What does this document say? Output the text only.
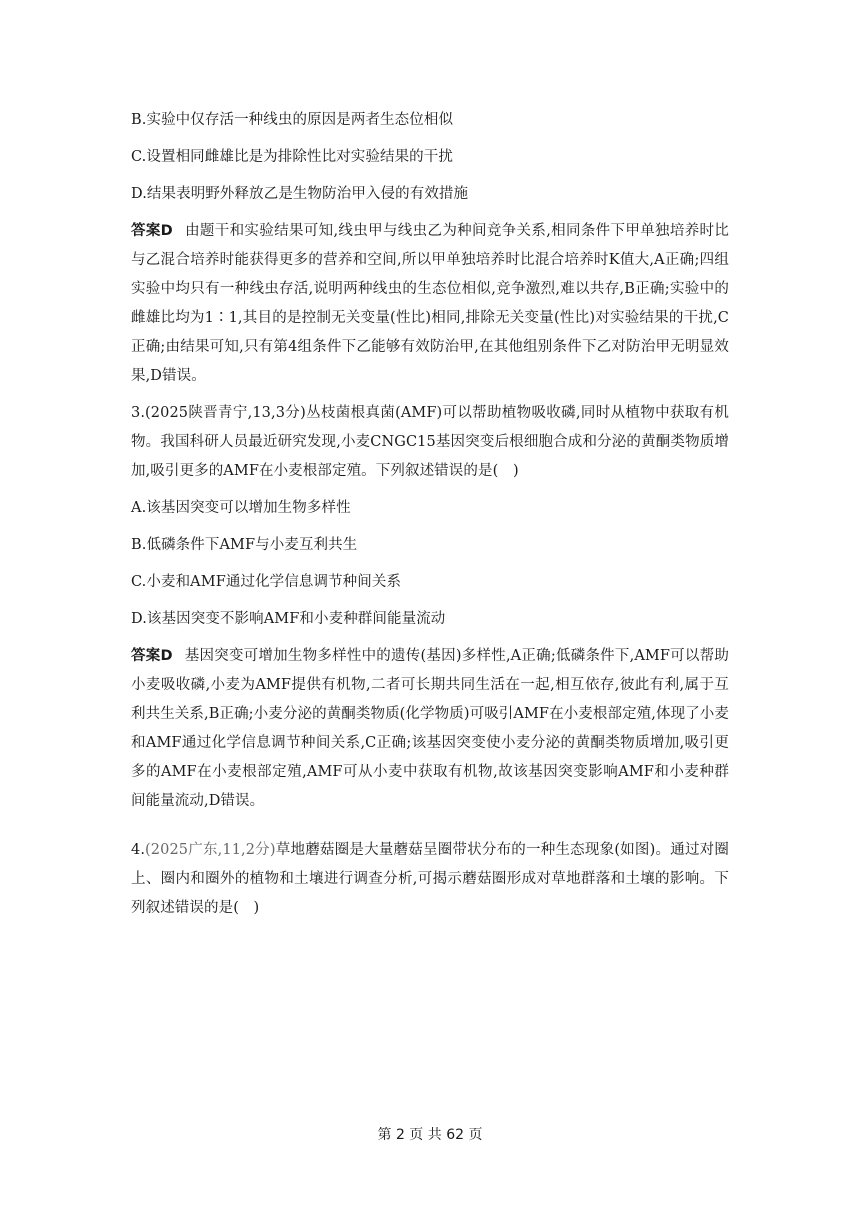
B.实验中仅存活一种线虫的原因是两者生态位相似

C.设置相同雌雄比是为排除性比对实验结果的干扰

D.结果表明野外释放乙是生物防治甲入侵的有效措施

答案D 由题干和实验结果可知,线虫甲与线虫乙为种间竞争关系,相同条件下甲单独培养时比与乙混合培养时能获得更多的营养和空间,所以甲单独培养时比混合培养时K值大,A正确;四组实验中均只有一种线虫存活,说明两种线虫的生态位相似,竞争激烈,难以共存,B正确;实验中的雌雄比均为1∶1,其目的是控制无关变量(性比)相同,排除无关变量(性比)对实验结果的干扰,C正确;由结果可知,只有第4组条件下乙能够有效防治甲,在其他组别条件下乙对防治甲无明显效果,D错误。

3.(2025陕晋青宁,13,3分)丛枝菌根真菌(AMF)可以帮助植物吸收磷,同时从植物中获取有机物。我国科研人员最近研究发现,小麦CNGC15基因突变后根细胞合成和分泌的黄酮类物质增加,吸引更多的AMF在小麦根部定殖。下列叙述错误的是(　)

A.该基因突变可以增加生物多样性

B.低磷条件下AMF与小麦互利共生

C.小麦和AMF通过化学信息调节种间关系

D.该基因突变不影响AMF和小麦种群间能量流动

答案D 基因突变可增加生物多样性中的遗传(基因)多样性,A正确;低磷条件下,AMF可以帮助小麦吸收磷,小麦为AMF提供有机物,二者可长期共同生活在一起,相互依存,彼此有利,属于互利共生关系,B正确;小麦分泌的黄酮类物质(化学物质)可吸引AMF在小麦根部定殖,体现了小麦和AMF通过化学信息调节种间关系,C正确;该基因突变使小麦分泌的黄酮类物质增加,吸引更多的AMF在小麦根部定殖,AMF可从小麦中获取有机物,故该基因突变影响AMF和小麦种群间能量流动,D错误。

4.(2025广东,11,2分)草地蘑菇圈是大量蘑菇呈圈带状分布的一种生态现象(如图)。通过对圈上、圈内和圈外的植物和土壤进行调查分析,可揭示蘑菇圈形成对草地群落和土壤的影响。下列叙述错误的是(　)

第 2 页 共 62 页
